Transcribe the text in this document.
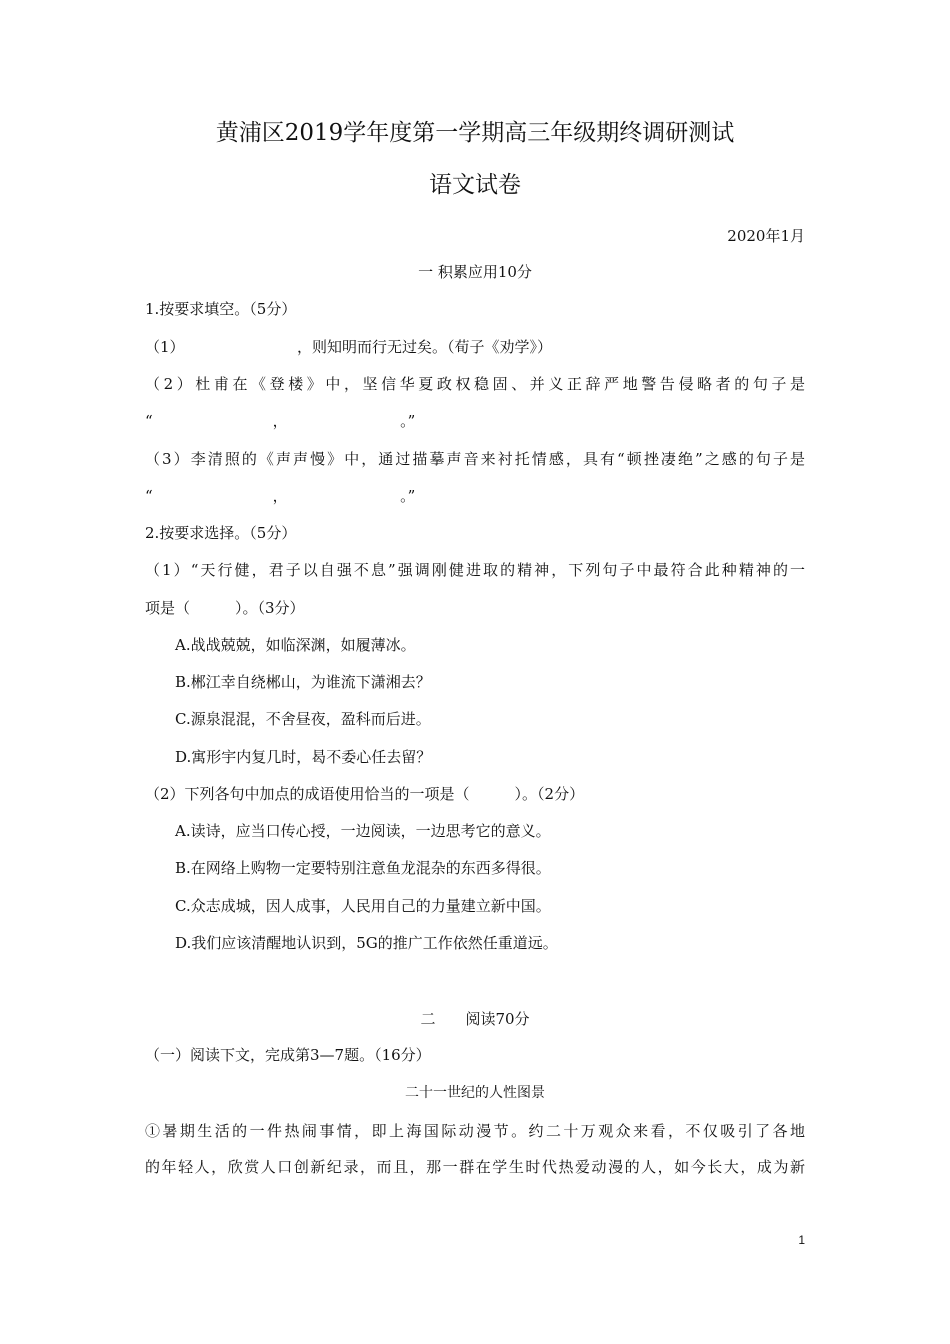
黄浦区2019学年度第一学期高三年级期终调研测试
语文试卷
2020年1月
一 积累应用10分
1.按要求填空。（5分）
（1）　　　　　　　　，则知明而行无过矣。（荀子《劝学》）
（2）杜甫在《登楼》中，坚信华夏政权稳固、并义正辞严地警告侵略者的句子是
“　　　　　　　　，　　　　　　　　。”
（3）李清照的《声声慢》中，通过描摹声音来衬托情感，具有“顿挫凄绝”之感的句子是
“　　　　　　　　，　　　　　　　　。”
2.按要求选择。（5分）
（1）“天行健，君子以自强不息”强调刚健进取的精神，下列句子中最符合此种精神的一
项是（　　　）。（3分）
A.战战兢兢，如临深渊，如履薄冰。
B.郴江幸自绕郴山，为谁流下潇湘去？
C.源泉混混，不舍昼夜，盈科而后进。
D.寓形宇内复几时，曷不委心任去留？
（2）下列各句中加点的成语使用恰当的一项是（　　　）。（2分）
A.读诗，应当口传心授，一边阅读，一边思考它的意义。
B.在网络上购物一定要特别注意鱼龙混杂的东西多得很。
C.众志成城，因人成事，人民用自己的力量建立新中国。
D.我们应该清醒地认识到，5G的推广工作依然任重道远。
二　　阅读70分
（一）阅读下文，完成第3—7题。（16分）
二十一世纪的人性图景
①暑期生活的一件热闹事情，即上海国际动漫节。约二十万观众来看，不仅吸引了各地
的年轻人，欣赏人口创新纪录，而且，那一群在学生时代热爱动漫的人，如今长大，成为新
1
